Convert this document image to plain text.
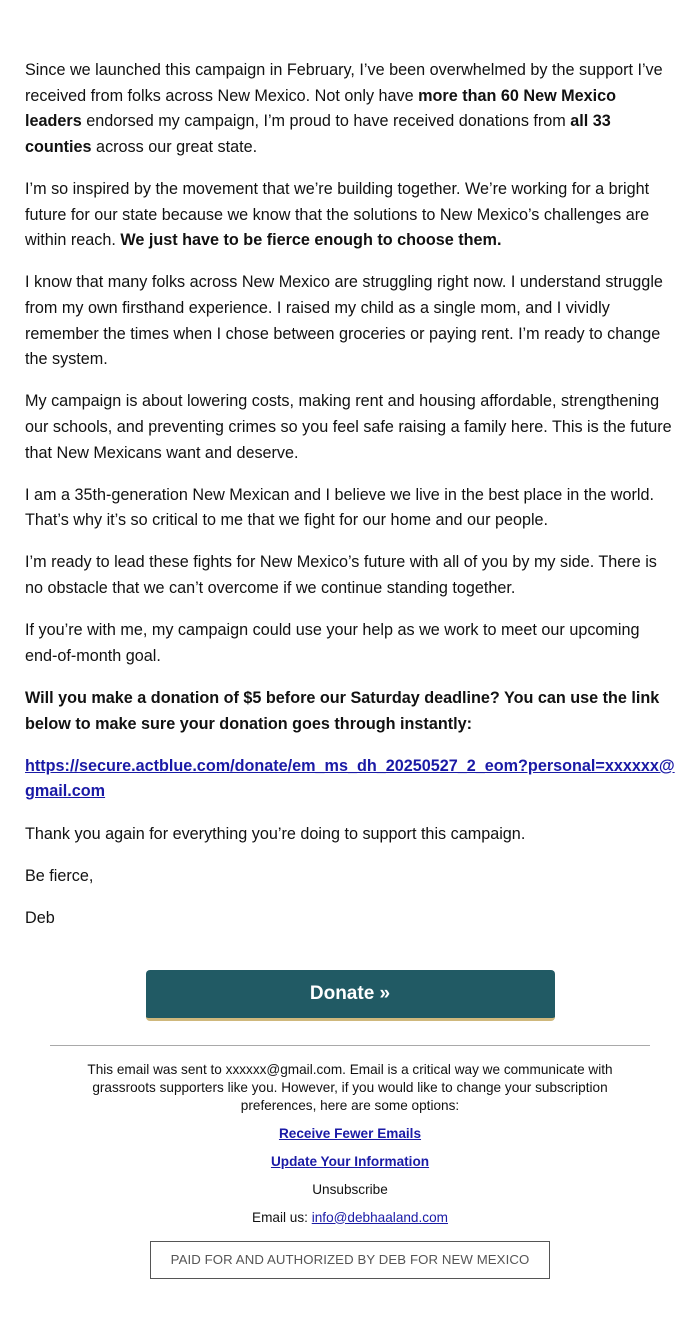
Since we launched this campaign in February, I’ve been overwhelmed by the support I’ve received from folks across New Mexico. Not only have more than 60 New Mexico leaders endorsed my campaign, I’m proud to have received donations from all 33 counties across our great state.

I’m so inspired by the movement that we’re building together. We’re working for a bright future for our state because we know that the solutions to New Mexico’s challenges are within reach. We just have to be fierce enough to choose them.

I know that many folks across New Mexico are struggling right now. I understand struggle from my own firsthand experience. I raised my child as a single mom, and I vividly remember the times when I chose between groceries or paying rent. I’m ready to change the system.

My campaign is about lowering costs, making rent and housing affordable, strengthening our schools, and preventing crimes so you feel safe raising a family here. This is the future that New Mexicans want and deserve.

I am a 35th-generation New Mexican and I believe we live in the best place in the world. That’s why it’s so critical to me that we fight for our home and our people.

I’m ready to lead these fights for New Mexico’s future with all of you by my side. There is no obstacle that we can’t overcome if we continue standing together.

If you’re with me, my campaign could use your help as we work to meet our upcoming end-of-month goal.

Will you make a donation of $5 before our Saturday deadline? You can use the link below to make sure your donation goes through instantly:

https://secure.actblue.com/donate/em_ms_dh_20250527_2_eom?personal=xxxxxx@gmail.com

Thank you again for everything you’re doing to support this campaign.

Be fierce,

Deb

Donate »

This email was sent to xxxxxx@gmail.com. Email is a critical way we communicate with grassroots supporters like you. However, if you would like to change your subscription preferences, here are some options:

Receive Fewer Emails

Update Your Information

Unsubscribe

Email us: info@debhaaland.com

PAID FOR AND AUTHORIZED BY DEB FOR NEW MEXICO
